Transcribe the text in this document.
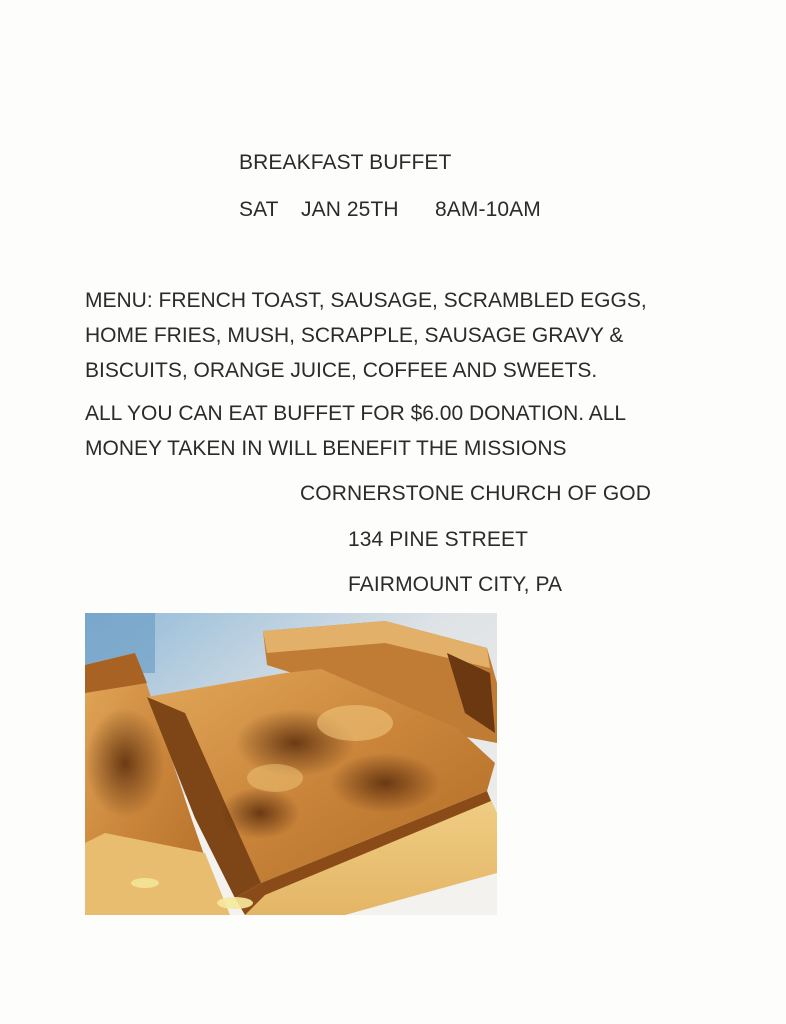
BREAKFAST BUFFET
SAT JAN 25TH 8AM-10AM
MENU: FRENCH TOAST, SAUSAGE, SCRAMBLED EGGS,
HOME FRIES, MUSH, SCRAPPLE, SAUSAGE GRAVY &
BISCUITS, ORANGE JUICE, COFFEE AND SWEETS.
ALL YOU CAN EAT BUFFET FOR $6.00 DONATION. ALL
MONEY TAKEN IN WILL BENEFIT THE MISSIONS
CORNERSTONE CHURCH OF GOD
134 PINE STREET
FAIRMOUNT CITY, PA
